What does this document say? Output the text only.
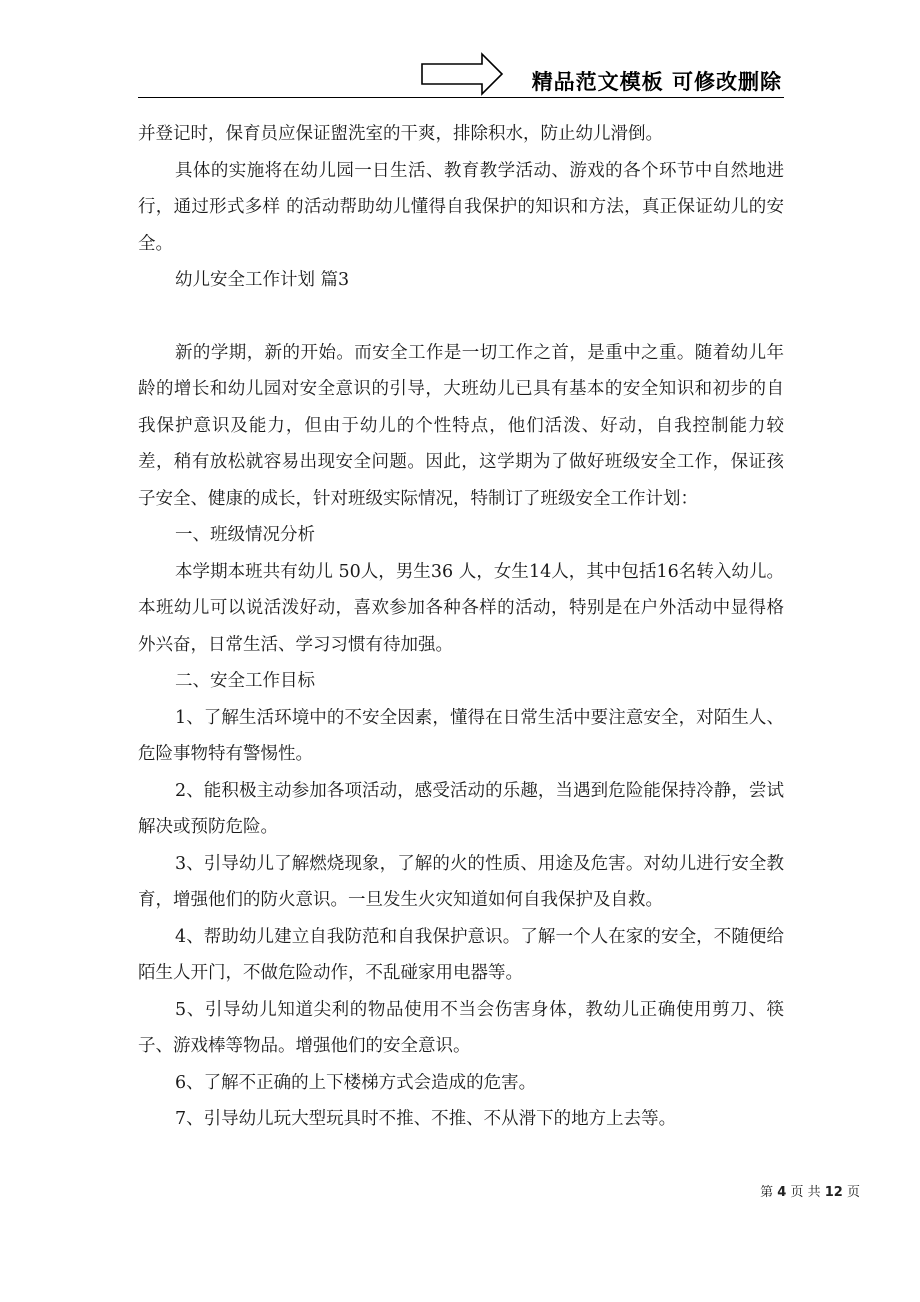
精品范文模板 可修改删除

并登记时，保育员应保证盥洗室的干爽，排除积水，防止幼儿滑倒。

具体的实施将在幼儿园一日生活、教育教学活动、游戏的各个环节中自然地进行，通过形式多样 的活动帮助幼儿懂得自我保护的知识和方法，真正保证幼儿的安全。

幼儿安全工作计划 篇3

新的学期，新的开始。而安全工作是一切工作之首，是重中之重。随着幼儿年龄的增长和幼儿园对安全意识的引导，大班幼儿已具有基本的安全知识和初步的自我保护意识及能力，但由于幼儿的个性特点，他们活泼、好动，自我控制能力较差，稍有放松就容易出现安全问题。因此，这学期为了做好班级安全工作，保证孩子安全、健康的成长，针对班级实际情况，特制订了班级安全工作计划：

一、班级情况分析

本学期本班共有幼儿 50人，男生36 人，女生14人，其中包括16名转入幼儿。本班幼儿可以说活泼好动，喜欢参加各种各样的活动，特别是在户外活动中显得格外兴奋，日常生活、学习习惯有待加强。

二、安全工作目标

1、了解生活环境中的不安全因素，懂得在日常生活中要注意安全，对陌生人、危险事物特有警惕性。

2、能积极主动参加各项活动，感受活动的乐趣，当遇到危险能保持冷静，尝试解决或预防危险。

3、引导幼儿了解燃烧现象，了解的火的性质、用途及危害。对幼儿进行安全教育，增强他们的防火意识。一旦发生火灾知道如何自我保护及自救。

4、帮助幼儿建立自我防范和自我保护意识。了解一个人在家的安全，不随便给陌生人开门，不做危险动作，不乱碰家用电器等。

5、引导幼儿知道尖利的物品使用不当会伤害身体，教幼儿正确使用剪刀、筷子、游戏棒等物品。增强他们的安全意识。

6、了解不正确的上下楼梯方式会造成的危害。

7、引导幼儿玩大型玩具时不推、不推、不从滑下的地方上去等。

第 4 页 共 12 页
